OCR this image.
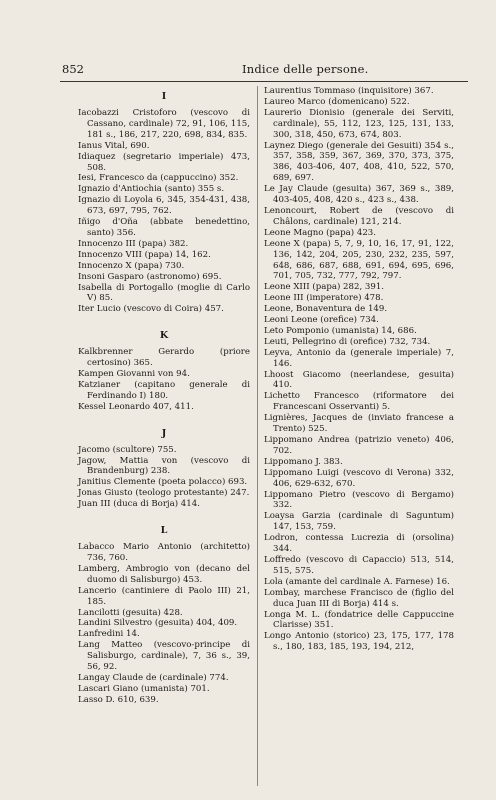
852	Indice delle persone.
I
Iacobazzi Cristoforo (vescovo di Cassano, cardinale) 72, 91, 106, 115, 181 s., 186, 217, 220, 698, 834, 835.
Ianus Vital, 690.
Idiaquez (segretario imperiale) 473, 508.
Iesi, Francesco da (cappuccino) 352.
Ignazio d'Antiochia (santo) 355 s.
Ignazio di Loyola 6, 345, 354-431, 438, 673, 697, 795, 762.
Iñigo d'Oña (abbate benedettino, santo) 356.
Innocenzo III (papa) 382.
Innocenzo VIII (papa) 14, 162.
Innocenzo X (papa) 730.
Insoni Gasparo (astronomo) 695.
Isabella di Portogallo (moglie di Carlo V) 85.
Iter Lucio (vescovo di Coira) 457.
K
Kalkbrenner Gerardo (priore certosino) 365.
Kampen Giovanni von 94.
Katzianer (capitano generale di Ferdinando I) 180.
Kessel Leonardo 407, 411.
J
Jacomo (scultore) 755.
Jagow, Mattia von (vescovo di Brandenburg) 238.
Janitius Clemente (poeta polacco) 693.
Jonas Giusto (teologo protestante) 247.
Juan III (duca di Borja) 414.
L
Labacco Mario Antonio (architetto) 736, 760.
Lamberg, Ambrogio von (decano del duomo di Salisburgo) 453.
Lancerio (cantiniere di Paolo III) 21, 185.
Lancilotti (gesuita) 428.
Landini Silvestro (gesuita) 404, 409.
Lanfredini 14.
Lang Matteo (vescovo-principe di Salisburgo, cardinale), 7, 36 s., 39, 56, 92.
Langay Claude de (cardinale) 774.
Lascari Giano (umanista) 701.
Lasso D. 610, 639.
Laurentius Tommaso (inquisitore) 367.
Laureo Marco (domenicano) 522.
Laurerio Dionisio (generale dei Serviti, cardinale), 55, 112, 123, 125, 131, 133, 300, 318, 450, 673, 674, 803.
Laynez Diego (generale dei Gesuiti) 354 s., 357, 358, 359, 367, 369, 370, 373, 375, 386, 403-406, 407, 408, 410, 522, 570, 689, 697.
Le Jay Claude (gesuita) 367, 369 s., 389, 403-405, 408, 420 s., 423 s., 438.
Lenoncourt, Robert de (vescovo di Châlons, cardinale) 121, 214.
Leone Magno (papa) 423.
Leone X (papa) 5, 7, 9, 10, 16, 17, 91, 122, 136, 142, 204, 205, 230, 232, 235, 597, 648, 686, 687, 688, 691, 694, 695, 696, 701, 705, 732, 777, 792, 797.
Leone XIII (papa) 282, 391.
Leone III (imperatore) 478.
Leone, Bonaventura de 149.
Leoni Leone (orefice) 734.
Leto Pomponio (umanista) 14, 686.
Leuti, Pellegrino di (orefice) 732, 734.
Leyva, Antonio da (generale imperiale) 7, 146.
Lhoost Giacomo (neerlandese, gesuita) 410.
Lichetto Francesco (riformatore dei Francescani Osservanti) 5.
Lignières, Jacques de (inviato francese a Trento) 525.
Lippomano Andrea (patrizio veneto) 406, 702.
Lippomano J. 383.
Lippomano Luigi (vescovo di Verona) 332, 406, 629-632, 670.
Lippomano Pietro (vescovo di Bergamo) 332.
Loaysa Garzia (cardinale di Saguntum) 147, 153, 759.
Lodron, contessa Lucrezia di (orsolina) 344.
Loffredo (vescovo di Capaccio) 513, 514, 515, 575.
Lola (amante del cardinale A. Farnese) 16.
Lombay, marchese Francisco de (figlio del duca Juan III di Borja) 414 s.
Longa M. L. (fondatrice delle Cappuccine Clarisse) 351.
Longo Antonio (storico) 23, 175, 177, 178 s., 180, 183, 185, 193, 194, 212,
